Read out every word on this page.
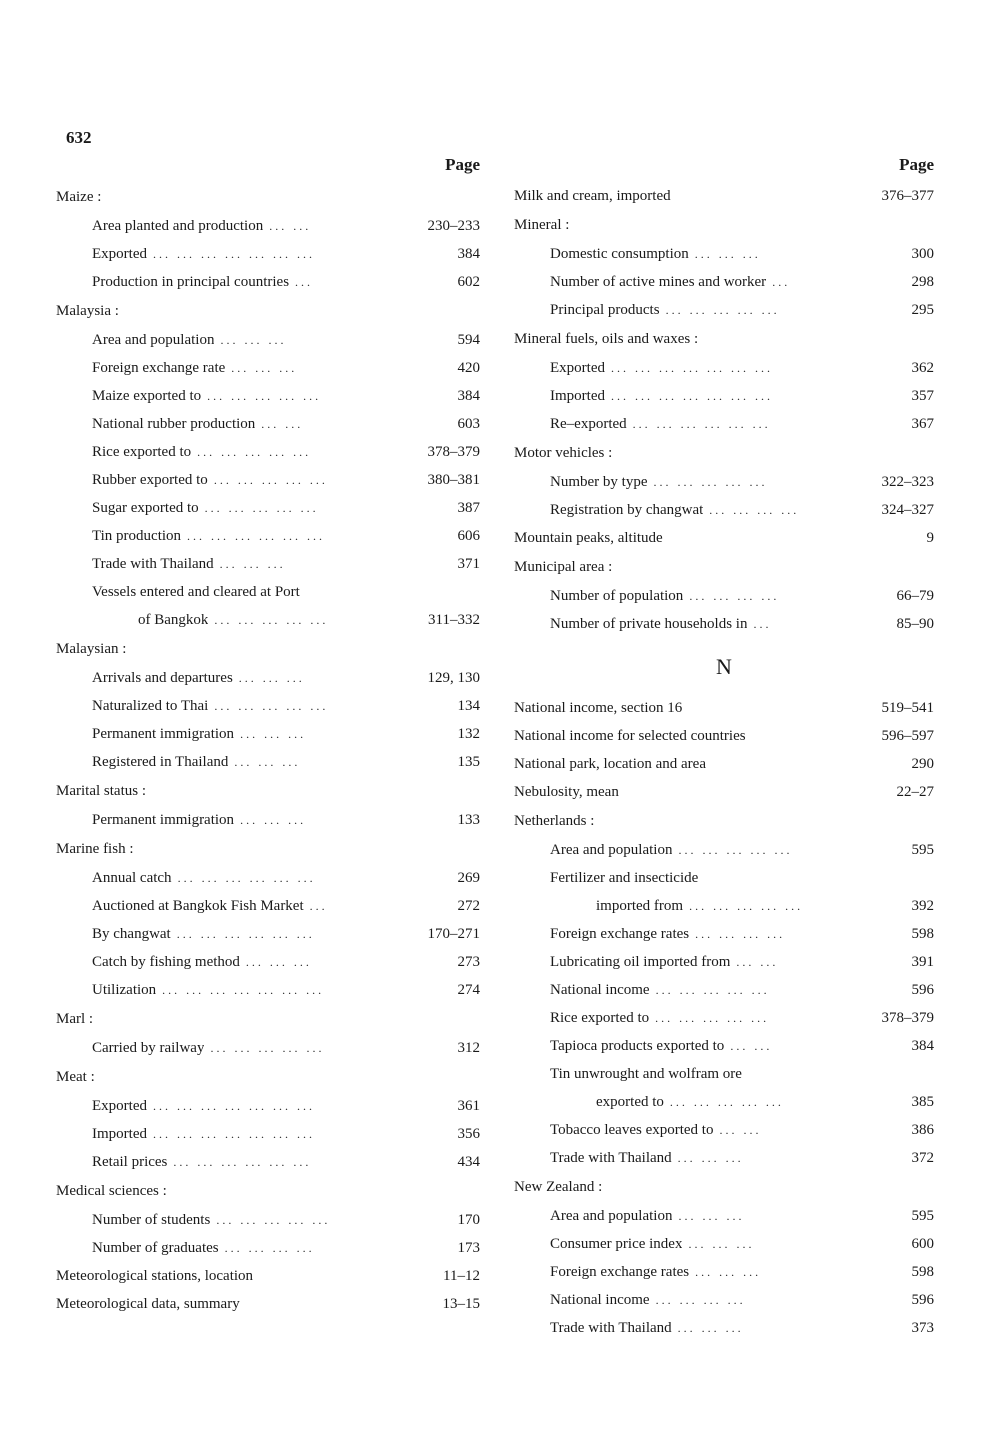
632
Page
Maize :
Area planted and production ... ...	230–233
Exported ... ... ... ... ... ... ...	384
Production in principal countries ...	602
Malaysia :
Area and population ... ... ...	594
Foreign exchange rate ... ... ...	420
Maize exported to ... ... ... ... ...	384
National rubber production ... ...	603
Rice exported to ... ... ... ... ...	378–379
Rubber exported to ... ... ... ... ...	380–381
Sugar exported to ... ... ... ... ...	387
Tin production ... ... ... ... ... ...	606
Trade with Thailand ... ... ...	371
Vessels entered and cleared at Port
of Bangkok ... ... ... ... ...	311–332
Malaysian :
Arrivals and departures ... ... ...	129, 130
Naturalized to Thai ... ... ... ... ...	134
Permanent immigration ... ... ...	132
Registered in Thailand ... ... ...	135
Marital status :
Permanent immigration ... ... ...	133
Marine fish :
Annual catch ... ... ... ... ... ...	269
Auctioned at Bangkok Fish Market ...	272
By changwat ... ... ... ... ... ...	170–271
Catch by fishing method ... ... ...	273
Utilization ... ... ... ... ... ... ...	274
Marl :
Carried by railway ... ... ... ... ...	312
Meat :
Exported ... ... ... ... ... ... ...	361
Imported ... ... ... ... ... ... ...	356
Retail prices ... ... ... ... ... ...	434
Medical sciences :
Number of students ... ... ... ... ...	170
Number of graduates ... ... ... ...	173
Meteorological stations, location	11–12
Meteorological data, summary	13–15
Page
Milk and cream, imported	376–377
Mineral :
Domestic consumption ... ... ...	300
Number of active mines and worker ...	298
Principal products ... ... ... ... ...	295
Mineral fuels, oils and waxes :
Exported ... ... ... ... ... ... ...	362
Imported ... ... ... ... ... ... ...	357
Re–exported ... ... ... ... ... ...	367
Motor vehicles :
Number by type ... ... ... ... ...	322–323
Registration by changwat ... ... ... ...	324–327
Mountain peaks, altitude	9
Municipal area :
Number of population ... ... ... ...	66–79
Number of private households in ...	85–90
N
National income, section 16	519–541
National income for selected countries	596–597
National park, location and area	290
Nebulosity, mean	22–27
Netherlands :
Area and population ... ... ... ... ...	595
Fertilizer and insecticide
imported from ... ... ... ... ...	392
Foreign exchange rates ... ... ... ...	598
Lubricating oil imported from ... ...	391
National income ... ... ... ... ...	596
Rice exported to ... ... ... ... ...	378–379
Tapioca products exported to ... ...	384
Tin unwrought and wolfram ore
exported to ... ... ... ... ...	385
Tobacco leaves exported to ... ...	386
Trade with Thailand ... ... ...	372
New Zealand :
Area and population ... ... ...	595
Consumer price index ... ... ...	600
Foreign exchange rates ... ... ...	598
National income ... ... ... ...	596
Trade with Thailand ... ... ...	373
